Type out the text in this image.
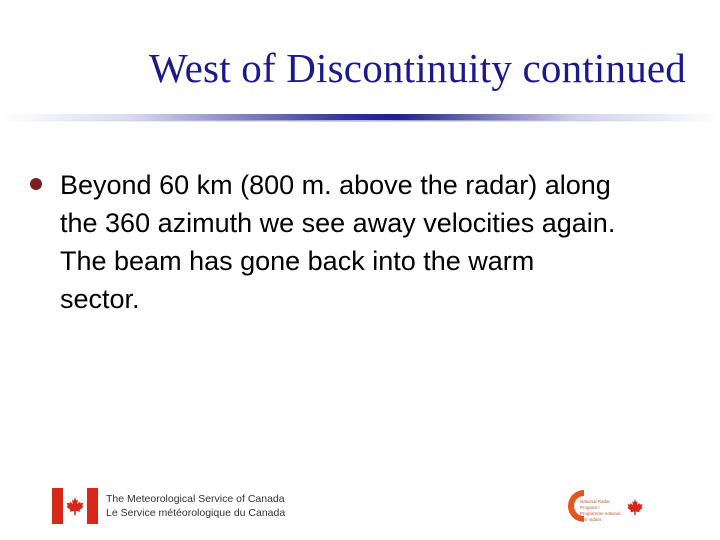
West of Discontinuity continued
Beyond 60 km (800 m. above the radar) along the 360 azimuth we see away velocities again. The beam has gone back into the warm sector.
The Meteorological Service of Canada
Le Service météorologique du Canada
National Radar Program / Programme national des radars
